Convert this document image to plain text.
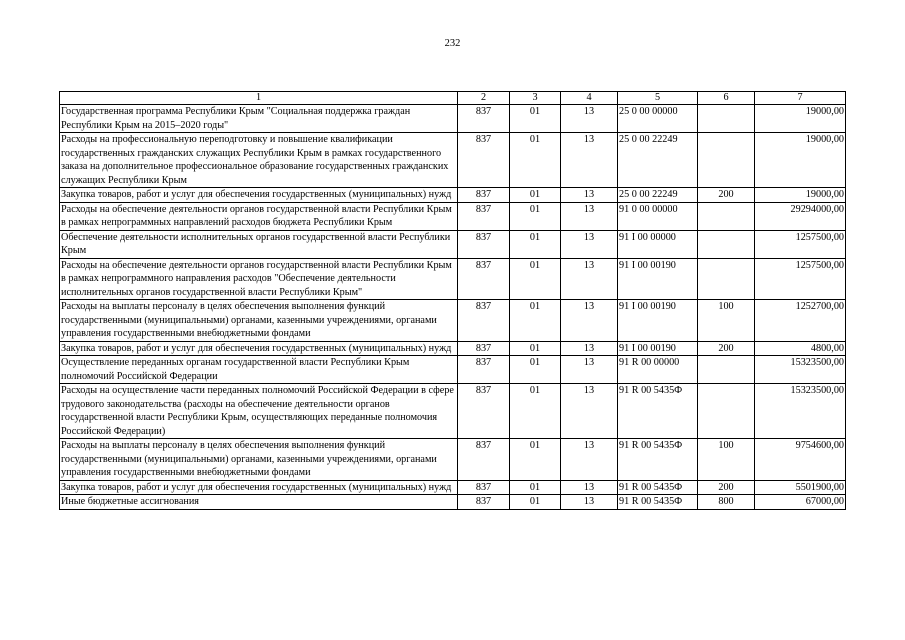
232
1	2	3	4	5	6	7
Государственная программа Республики Крым "Социальная поддержка граждан Республики Крым на 2015–2020 годы"	837	01	13	25 0 00 00000		19000,00
Расходы на профессиональную переподготовку и повышение квалификации государственных гражданских служащих Республики Крым в рамках государственного заказа на дополнительное профессиональное образование государственных гражданских служащих Республики Крым	837	01	13	25 0 00 22249		19000,00
Закупка товаров, работ и услуг для обеспечения государственных (муниципальных) нужд	837	01	13	25 0 00 22249	200	19000,00
Расходы на обеспечение деятельности органов государственной власти Республики Крым в рамках непрограммных направлений расходов бюджета Республики Крым	837	01	13	91 0 00 00000		29294000,00
Обеспечение деятельности исполнительных органов государственной власти Республики Крым	837	01	13	91 I 00 00000		1257500,00
Расходы на обеспечение деятельности органов государственной власти Республики Крым в рамках непрограммного направления расходов "Обеспечение деятельности исполнительных органов государственной власти Республики Крым"	837	01	13	91 I 00 00190		1257500,00
Расходы на выплаты персоналу в целях обеспечения выполнения функций государственными (муниципальными) органами, казенными учреждениями, органами управления государственными внебюджетными фондами	837	01	13	91 I 00 00190	100	1252700,00
Закупка товаров, работ и услуг для обеспечения государственных (муниципальных) нужд	837	01	13	91 I 00 00190	200	4800,00
Осуществление переданных органам государственной власти Республики Крым полномочий Российской Федерации	837	01	13	91 R 00 00000		15323500,00
Расходы на осуществление части переданных полномочий Российской Федерации в сфере трудового законодательства (расходы на обеспечение деятельности органов государственной власти Республики Крым, осуществляющих переданные полномочия Российской Федерации)	837	01	13	91 R 00 5435Ф		15323500,00
Расходы на выплаты персоналу в целях обеспечения выполнения функций государственными (муниципальными) органами, казенными учреждениями, органами управления государственными внебюджетными фондами	837	01	13	91 R 00 5435Ф	100	9754600,00
Закупка товаров, работ и услуг для обеспечения государственных (муниципальных) нужд	837	01	13	91 R 00 5435Ф	200	5501900,00
Иные бюджетные ассигнования	837	01	13	91 R 00 5435Ф	800	67000,00
